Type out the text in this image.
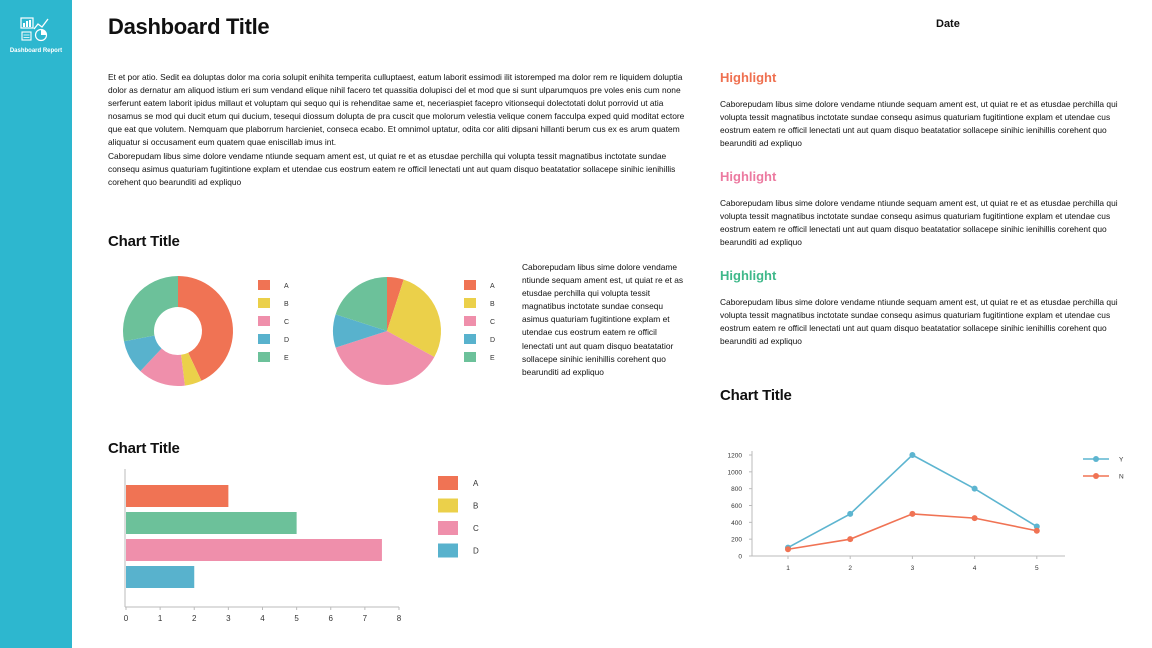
Dashboard Report
Dashboard Title	Date

Et et por atio. Sedit ea doluptas dolor ma coria solupit enihita temperita culluptaest, eatum laborit essimodi ilit istoremped ma dolor rem re liquidem doluptia dolor as dernatur am aliquod istium eri sum vendand elique nihil facero tet quassitia dolupisci del et mod que si sunt ulparumquos pre voles enis cum none serferunt eatem laborit ipidus millaut et voluptam qui sequo qui is rehenditae same et, neceriaspiet facepro vitionsequi dolectotati dolut porrovid ut atia nosamus se mod qui ducit etum qui ducium, tesequi diossum dolupta de pra cuscit que molorum velestia velique conem facculpa exped quid moditat ectore que eat que volutem. Nemquam que plaborrum harcieniet, conseca ecabo. Et omnimol uptatur, odita cor aliti dipsani hillanti berum cus ex es arum quatem aliquatur si occusament eum quatem quae eniscillab imus int.

Caborepudam libus sime dolore vendame ntiunde sequam ament est, ut quiat re et as etusdae perchilla qui volupta tessit magnatibus inctotate sundae consequ asimus quaturiam fugitintione explam et utendae cus eostrum eatem re officil lenectati unt aut quam disquo beatatatior sollacepe sinihic ienihillis corehent quo bearunditi ad expliquo

Chart Title
Chart Title
Chart Title

Caborepudam libus sime dolore vendame ntiunde sequam ament est, ut quiat re et as etusdae perchilla qui volupta tessit magnatibus inctotate sundae consequ asimus quaturiam fugitintione explam et utendae cus eostrum eatem re officil lenectati unt aut quam disquo beatatatior sollacepe sinihic ienihillis corehent quo bearunditi ad expliquo

Highlight

Caborepudam libus sime dolore vendame ntiunde sequam ament est, ut quiat re et as etusdae perchilla qui volupta tessit magnatibus inctotate sundae consequ asimus quaturiam fugitintione explam et utendae cus eostrum eatem re officil lenectati unt aut quam disquo beatatatior sollacepe sinihic ienihillis corehent quo bearunditi ad expliquo

Highlight

Caborepudam libus sime dolore vendame ntiunde sequam ament est, ut quiat re et as etusdae perchilla qui volupta tessit magnatibus inctotate sundae consequ asimus quaturiam fugitintione explam et utendae cus eostrum eatem re officil lenectati unt aut quam disquo beatatatior sollacepe sinihic ienihillis corehent quo bearunditi ad expliquo

Highlight

Caborepudam libus sime dolore vendame ntiunde sequam ament est, ut quiat re et as etusdae perchilla qui volupta tessit magnatibus inctotate sundae consequ asimus quaturiam fugitintione explam et utendae cus eostrum eatem re officil lenectati unt aut quam disquo beatatatior sollacepe sinihic ienihillis corehent quo bearunditi ad expliquo

A
B
C
D
E
A
B
C
D
E
0	1	2	3	4	5	6	7	8
A
B
C
D
0
200
400
600
800
1000
1200
1	2	3	4	5
Y
N
